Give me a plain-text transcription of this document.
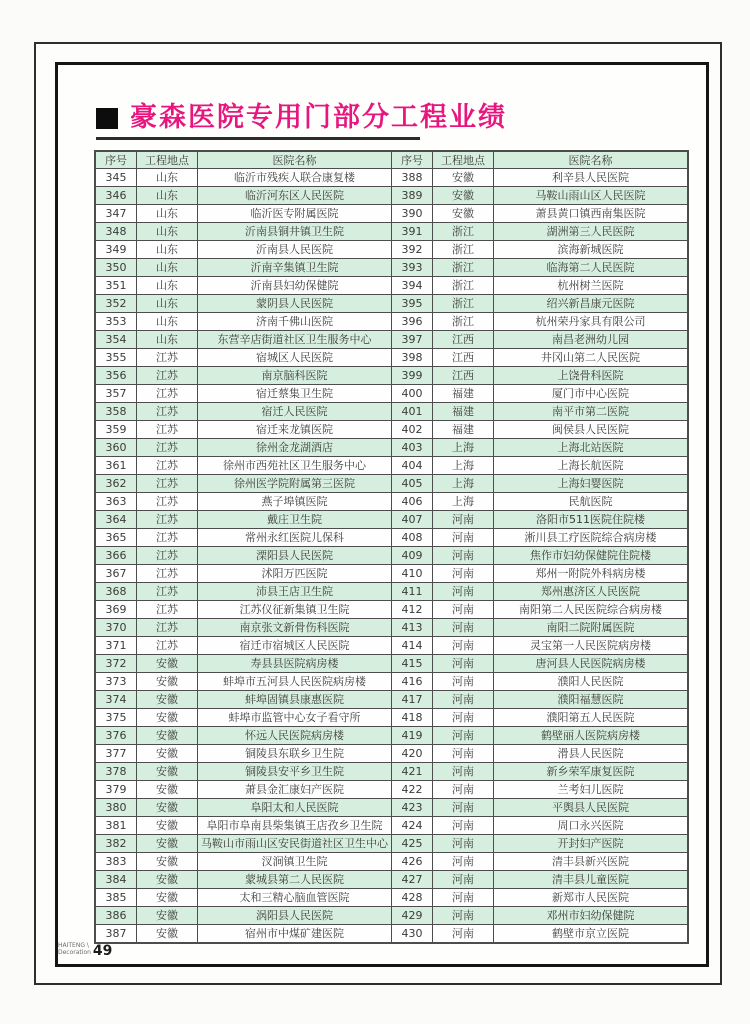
豪森医院专用门部分工程业绩
序号	工程地点	医院名称	序号	工程地点	医院名称
345	山东	临沂市残疾人联合康复楼	388	安徽	利辛县人民医院
346	山东	临沂河东区人民医院	389	安徽	马鞍山雨山区人民医院
347	山东	临沂医专附属医院	390	安徽	萧县黄口镇西南集医院
348	山东	沂南县铜井镇卫生院	391	浙江	湖洲第三人民医院
349	山东	沂南县人民医院	392	浙江	滨海新城医院
350	山东	沂南辛集镇卫生院	393	浙江	临海第二人民医院
351	山东	沂南县妇幼保健院	394	浙江	杭州树兰医院
352	山东	蒙阴县人民医院	395	浙江	绍兴新昌康元医院
353	山东	济南千佛山医院	396	浙江	杭州荣丹家具有限公司
354	山东	东营辛店街道社区卫生服务中心	397	江西	南昌老洲幼儿园
355	江苏	宿城区人民医院	398	江西	井冈山第二人民医院
356	江苏	南京脑科医院	399	江西	上饶骨科医院
357	江苏	宿迁蔡集卫生院	400	福建	厦门市中心医院
358	江苏	宿迁人民医院	401	福建	南平市第二医院
359	江苏	宿迁来龙镇医院	402	福建	闽侯县人民医院
360	江苏	徐州金龙湖酒店	403	上海	上海北站医院
361	江苏	徐州市西苑社区卫生服务中心	404	上海	上海长航医院
362	江苏	徐州医学院附属第三医院	405	上海	上海妇婴医院
363	江苏	燕子埠镇医院	406	上海	民航医院
364	江苏	戴庄卫生院	407	河南	洛阳市511医院住院楼
365	江苏	常州永红医院儿保科	408	河南	淅川县工疗医院综合病房楼
366	江苏	溧阳县人民医院	409	河南	焦作市妇幼保健院住院楼
367	江苏	沭阳万匹医院	410	河南	郑州一附院外科病房楼
368	江苏	沛县王店卫生院	411	河南	郑州惠济区人民医院
369	江苏	江苏仪征新集镇卫生院	412	河南	南阳第二人民医院综合病房楼
370	江苏	南京张文新骨伤科医院	413	河南	南阳二院附属医院
371	江苏	宿迁市宿城区人民医院	414	河南	灵宝第一人民医院病房楼
372	安徽	寿县县医院病房楼	415	河南	唐河县人民医院病房楼
373	安徽	蚌埠市五河县人民医院病房楼	416	河南	濮阳人民医院
374	安徽	蚌埠固镇县康惠医院	417	河南	濮阳福慧医院
375	安徽	蚌埠市监管中心女子看守所	418	河南	濮阳第五人民医院
376	安徽	怀远人民医院病房楼	419	河南	鹤壁丽人医院病房楼
377	安徽	铜陵县东联乡卫生院	420	河南	滑县人民医院
378	安徽	铜陵县安平乡卫生院	421	河南	新乡荣军康复医院
379	安徽	萧县金汇康妇产医院	422	河南	兰考妇儿医院
380	安徽	阜阳太和人民医院	423	河南	平舆县人民医院
381	安徽	阜阳市阜南县柴集镇王店孜乡卫生院	424	河南	周口永兴医院
382	安徽	马鞍山市雨山区安民街道社区卫生中心	425	河南	开封妇产医院
383	安徽	汊涧镇卫生院	426	河南	清丰县新兴医院
384	安徽	蒙城县第二人民医院	427	河南	清丰县儿童医院
385	安徽	太和三精心脑血管医院	428	河南	新郑市人民医院
386	安徽	涡阳县人民医院	429	河南	邓州市妇幼保健院
387	安徽	宿州市中煤矿建医院	430	河南	鹤壁市京立医院
HAITENG \
Decoration 49
